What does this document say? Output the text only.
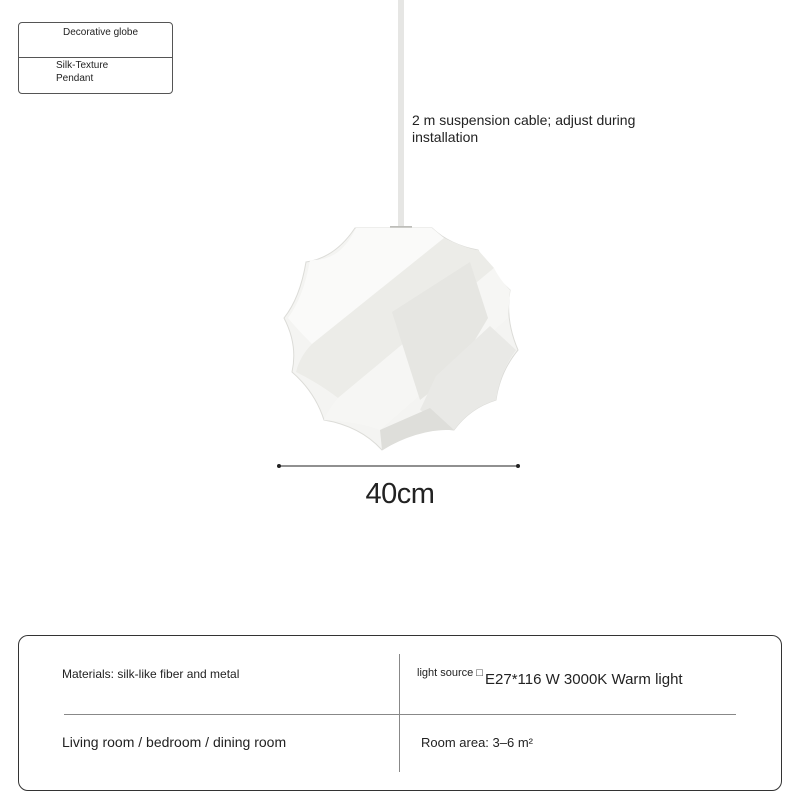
Decorative globe
Silk-Texture Pendant
2 m suspension cable; adjust during installation
40cm
Materials: silk-like fiber and metal	light source □ E27*116 W 3000K Warm light
Living room / bedroom / dining room	Room area: 3–6 m²
